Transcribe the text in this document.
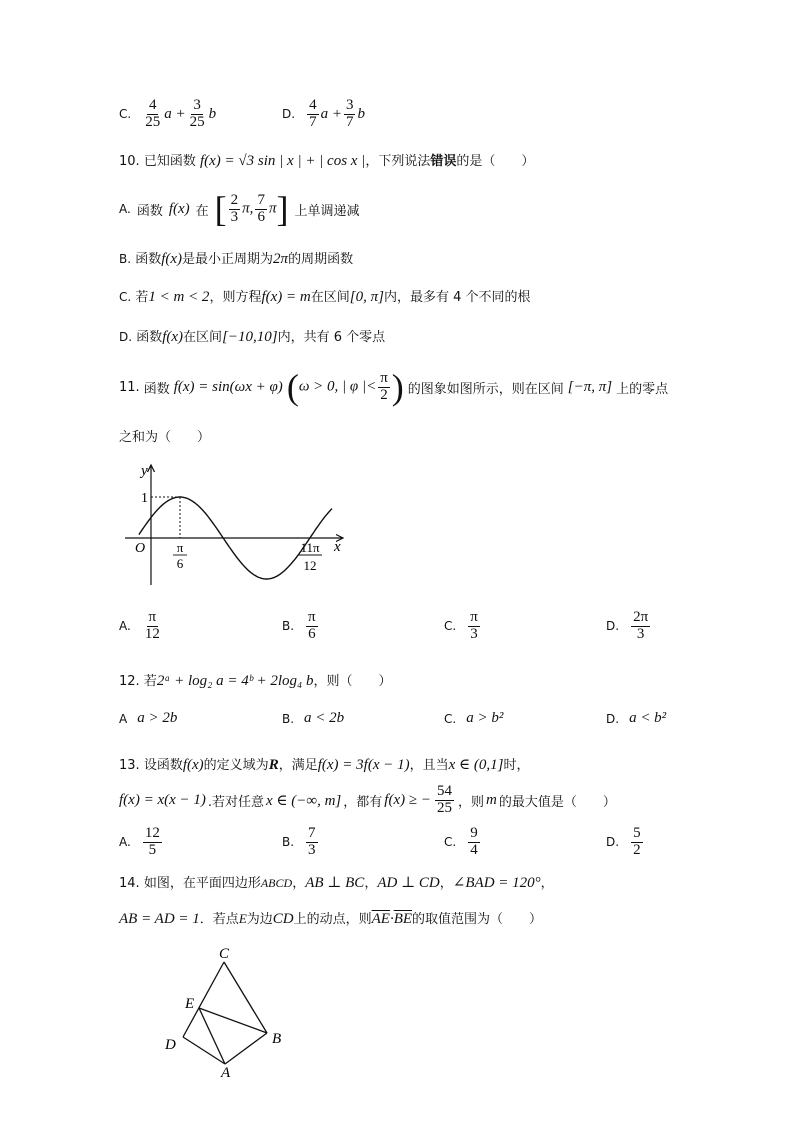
C. $\frac{4}{25}$ $a + \frac{3}{25}$ b	D. $\frac{4}{7}$ $a + \frac{3}{7}$ b
10. 已知函数 f(x) = √3 sin | x | + | cos x |，下列说法错误的是（　　）
A. 函数 f(x) 在 [ $\frac{2}{3} \pi$, $\frac{7}{6} \pi$] 上单调递减
B. 函数f(x)是最小正周期为2π的周期函数
C. 若1 < m < 2，则方程f(x) = m在区间[0, π]内，最多有 4 个不同的根
D. 函数f(x)在区间[−10,10]内，共有 6 个零点
11. 函数 f(x) = sin(ωx + φ) (ω > 0, | φ |< $\frac{\pi}{2}$ ) 的图象如图所示，则在区间 [−π, π] 上的零点
之和为（　　）
y
x
O
1
π
6
11π
12
A.
π
12	B.
π
6	C.
π
3	D.
2π
3
12. 若2ᵃ + log₂ a = 4ᵇ + 2log₄ b，则（　　）
A a > 2b	B. a < 2b	C. a > b²	D. a < b²
13. 设函数f(x)的定义域为R，满足f(x) = 3f(x − 1)，且当x ∈ (0,1]时，
f(x) = x(x − 1) .若对任意 x ∈ (−∞, m] ，都有 f(x) ≥ − $\frac{54}{25}$ ，则 m 的最大值是（　　）
A.
12
5	B.
7
3	C.
9
4	D.
5
2
14. 如图，在平面四边形ABCD，AB ⊥ BC，AD ⊥ CD，∠BAD = 120°，
AB = AD = 1．若点E为边CD上的动点，则$\overline{AE}\cdot\overline{BE}$的取值范围为（　　）
C
E
D	B
A
